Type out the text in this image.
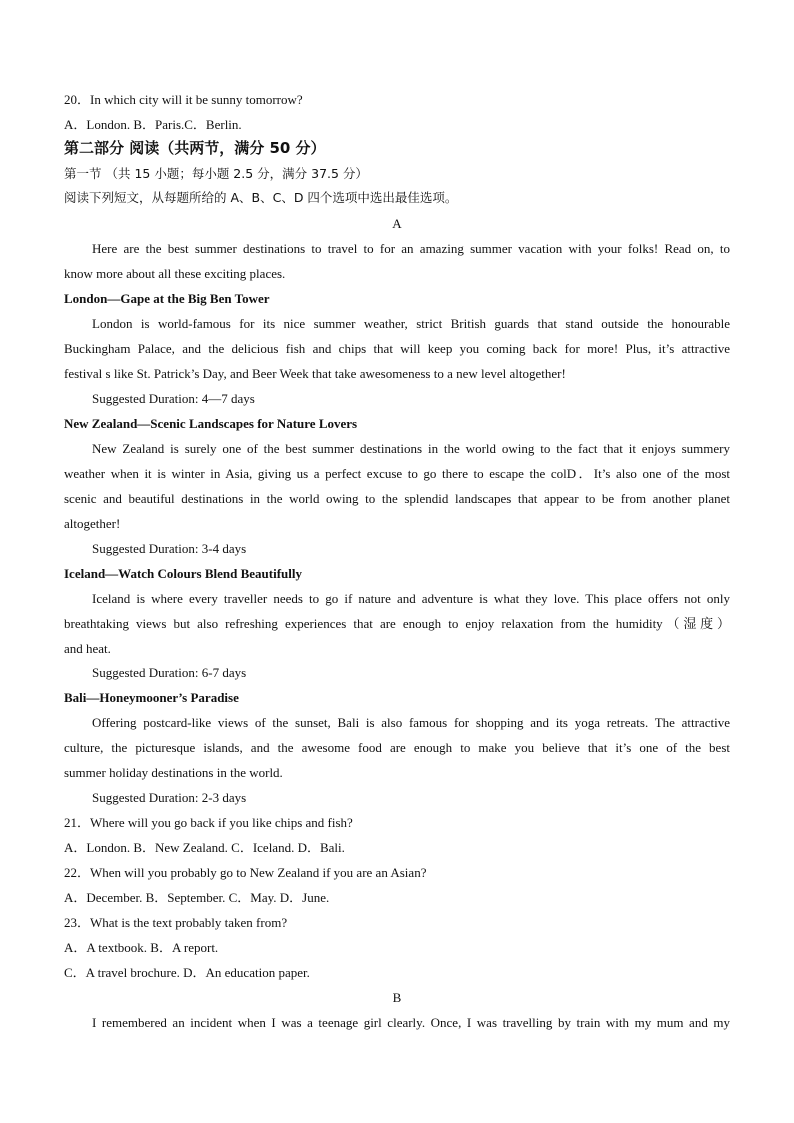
20．In which city will it be sunny tomorrow?
A．London. B．Paris.C．Berlin.
第二部分 阅读（共两节，满分 50 分）
第一节 （共 15 小题；每小题 2.5 分，满分 37.5 分）
阅读下列短文，从每题所给的 A、B、C、D 四个选项中选出最佳选项。
A
Here are the best summer destinations to travel to for an amazing summer vacation with your folks! Read on, to
know more about all these exciting places.
London—Gape at the Big Ben Tower
London is world-famous for its nice summer weather, strict British guards that stand outside the honourable
Buckingham Palace, and the delicious fish and chips that will keep you coming back for more! Plus, it’s attractive
festival s like St. Patrick’s Day, and Beer Week that take awesomeness to a new level altogether!
Suggested Duration: 4—7 days
New Zealand—Scenic Landscapes for Nature Lovers
New Zealand is surely one of the best summer destinations in the world owing to the fact that it enjoys summery
weather when it is winter in Asia, giving us a perfect excuse to go there to escape the colD．It’s also one of the most
scenic and beautiful destinations in the world owing to the splendid landscapes that appear to be from another planet
altogether!
Suggested Duration: 3-4 days
Iceland—Watch Colours Blend Beautifully
Iceland is where every traveller needs to go if nature and adventure is what they love. This place offers not only
breathtaking views but also refreshing experiences that are enough to enjoy relaxation from the humidity（湿度）
and heat.
Suggested Duration: 6-7 days
Bali—Honeymooner’s Paradise
Offering postcard-like views of the sunset, Bali is also famous for shopping and its yoga retreats. The attractive
culture, the picturesque islands, and the awesome food are enough to make you believe that it’s one of the best
summer holiday destinations in the world.
Suggested Duration: 2-3 days
21．Where will you go back if you like chips and fish?
A．London. B．New Zealand. C．Iceland. D．Bali.
22．When will you probably go to New Zealand if you are an Asian?
A．December. B．September. C．May. D．June.
23．What is the text probably taken from?
A．A textbook. B．A report.
C．A travel brochure. D．An education paper.
B
I remembered an incident when I was a teenage girl clearly. Once, I was travelling by train with my mum and my
